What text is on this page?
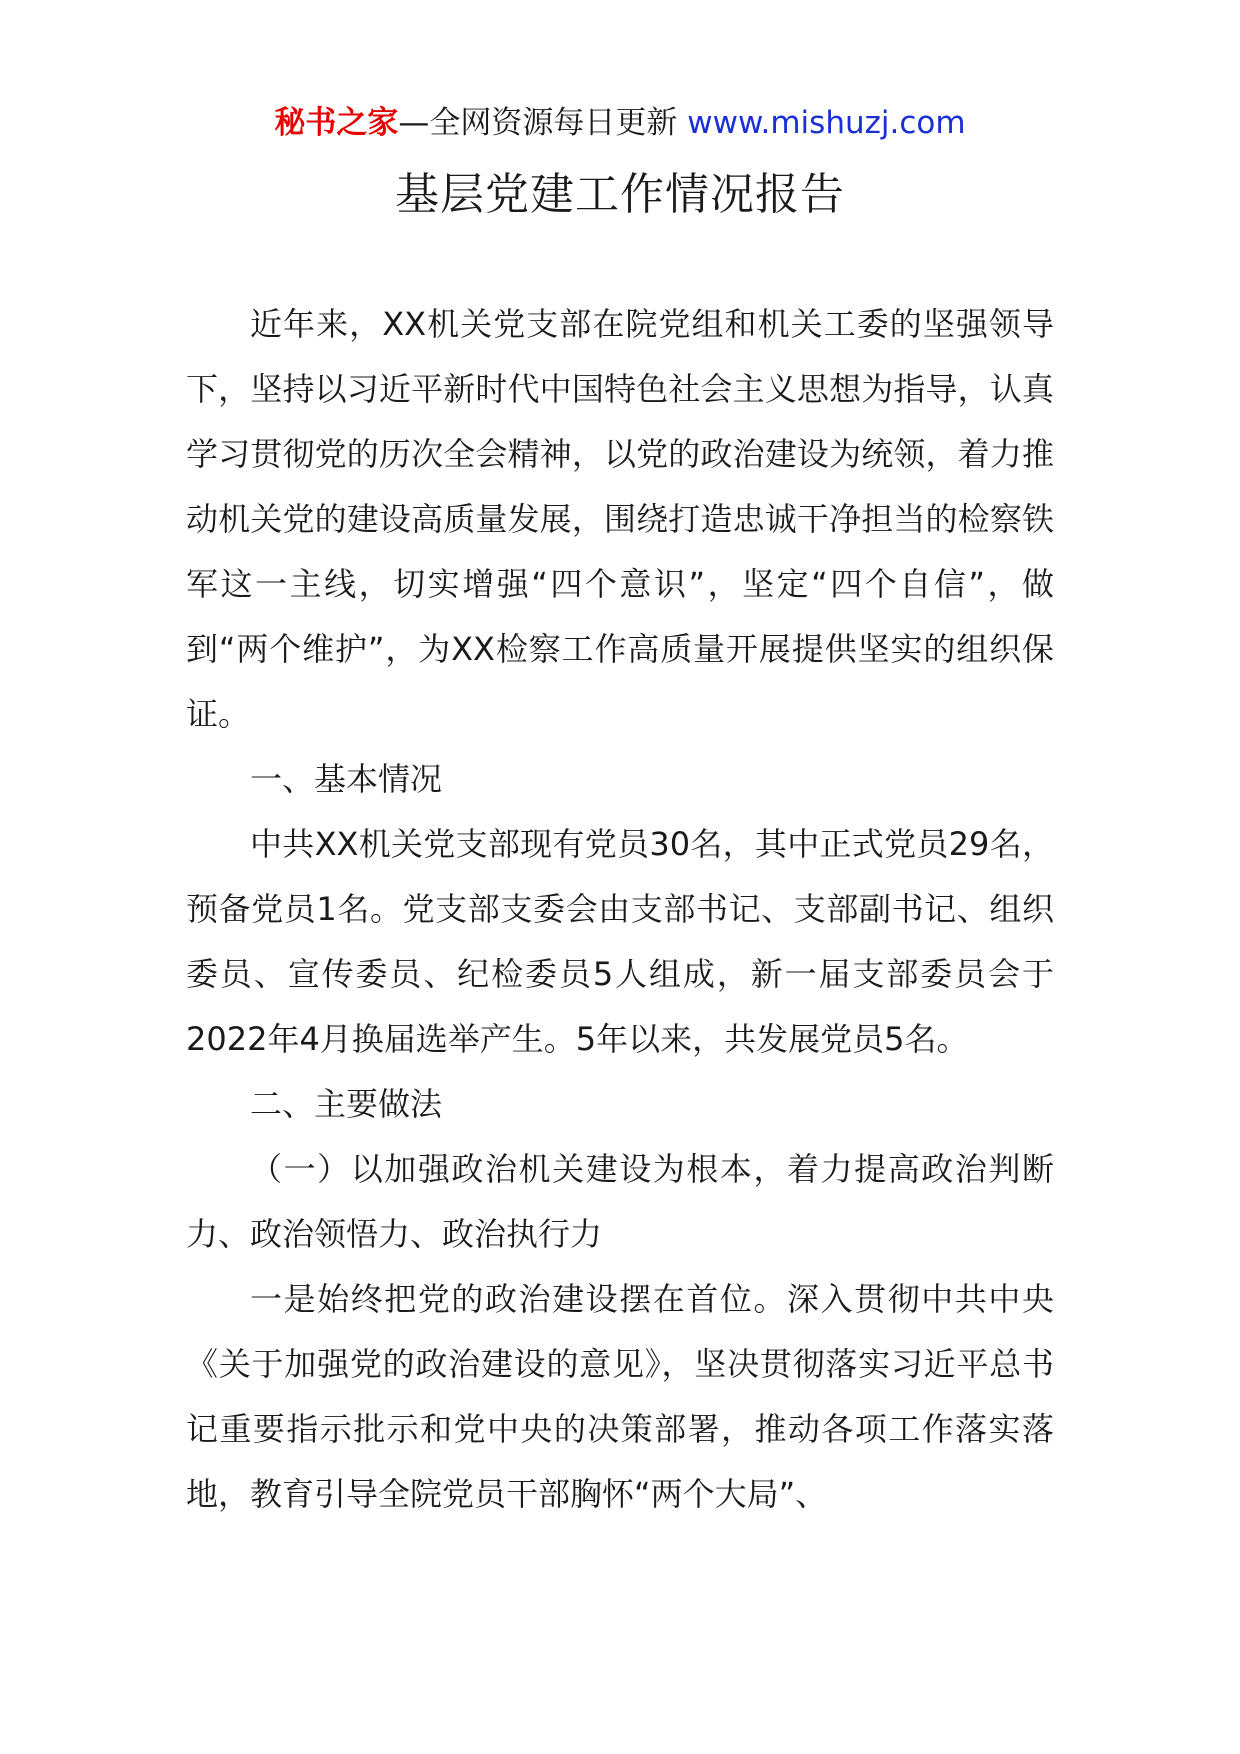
秘书之家—全网资源每日更新 www.mishuzj.com
基层党建工作情况报告

近年来，XX机关党支部在院党组和机关工委的坚强领导下，坚持以习近平新时代中国特色社会主义思想为指导，认真学习贯彻党的历次全会精神，以党的政治建设为统领，着力推动机关党的建设高质量发展，围绕打造忠诚干净担当的检察铁军这一主线，切实增强“四个意识”，坚定“四个自信”，做到“两个维护”，为XX检察工作高质量开展提供坚实的组织保证。

一、基本情况

中共XX机关党支部现有党员30名，其中正式党员29名，预备党员1名。党支部支委会由支部书记、支部副书记、组织委员、宣传委员、纪检委员5人组成，新一届支部委员会于2022年4月换届选举产生。5年以来，共发展党员5名。

二、主要做法

（一）以加强政治机关建设为根本，着力提高政治判断力、政治领悟力、政治执行力

一是始终把党的政治建设摆在首位。深入贯彻中共中央《关于加强党的政治建设的意见》，坚决贯彻落实习近平总书记重要指示批示和党中央的决策部署，推动各项工作落实落地，教育引导全院党员干部胸怀“两个大局”、
